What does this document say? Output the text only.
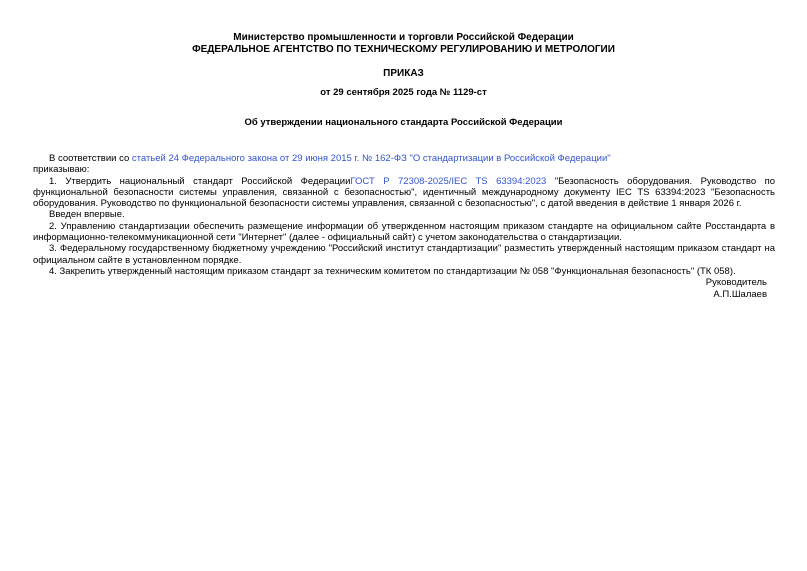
Министерство промышленности и торговли Российской Федерации
ФЕДЕРАЛЬНОЕ АГЕНТСТВО ПО ТЕХНИЧЕСКОМУ РЕГУЛИРОВАНИЮ И МЕТРОЛОГИИ
ПРИКАЗ
от 29 сентября 2025 года № 1129-ст
Об утверждении национального стандарта Российской Федерации

В соответствии со статьей 24 Федерального закона от 29 июня 2015 г. № 162-ФЗ "О стандартизации в Российской Федерации"

приказываю:

1. Утвердить национальный стандарт Российской ФедерацииГОСТ Р 72308-2025/IEC TS 63394:2023 "Безопасность оборудования. Руководство по функциональной безопасности системы управления, связанной с безопасностью", идентичный международному документу IEC TS 63394:2023 "Безопасность оборудования. Руководство по функциональной безопасности системы управления, связанной с безопасностью", с датой введения в действие 1 января 2026 г.

Введен впервые.

2. Управлению стандартизации обеспечить размещение информации об утвержденном настоящим приказом стандарте на официальном сайте Росстандарта в информационно-телекоммуникационной сети "Интернет" (далее - официальный сайт) с учетом законодательства о стандартизации.

3. Федеральному государственному бюджетному учреждению "Российский институт стандартизации" разместить утвержденный настоящим приказом стандарт на официальном сайте в установленном порядке.

4. Закрепить утвержденный настоящим приказом стандарт за техническим комитетом по стандартизации № 058 "Функциональная безопасность" (ТК 058).

Руководитель
А.П.Шалаев
